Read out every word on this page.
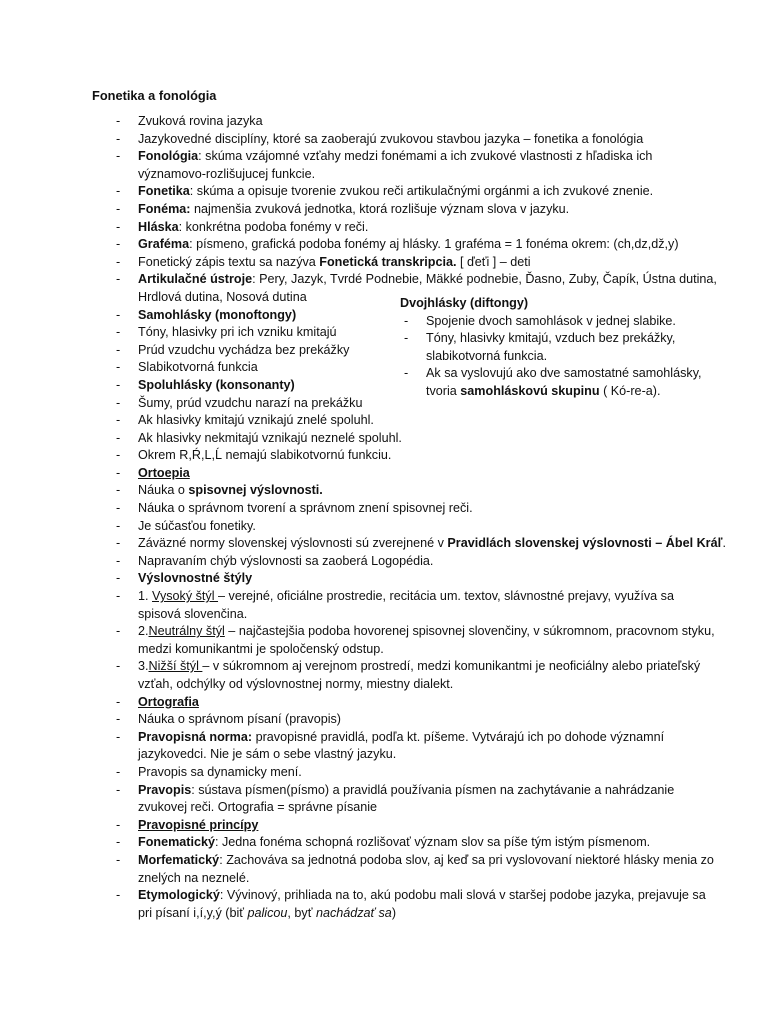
Fonetika a fonológia
- Zvuková rovina jazyka
- Jazykovedné disciplíny, ktoré sa zaoberajú zvukovou stavbou jazyka – fonetika a fonológia
- Fonológia: skúma vzájomné vzťahy medzi fonémami a ich zvukové vlastnosti z hľadiska ich významovo-rozlišujucej funkcie.
- Fonetika: skúma a opisuje tvorenie zvukou reči artikulačnými orgánmi a ich zvukové znenie.
- Fonéma: najmenšia zvuková jednotka, ktorá rozlišuje význam slova v jazyku.
- Hláska: konkrétna podoba fonémy v reči.
- Graféma: písmeno, grafická podoba fonémy aj hlásky. 1 graféma = 1 fonéma okrem: (ch,dz,dž,y)
- Fonetický zápis textu sa nazýva Fonetická transkripcia. [ ďeťi ] – deti
- Artikulačné ústroje: Pery, Jazyk, Tvrdé Podnebie, Mäkké podnebie, Ďasno, Zuby, Čapík, Ústna dutina, Hrdlová dutina, Nosová dutina
- Samohlásky (monoftongy)
- Tóny, hlasivky pri ich vzniku kmitajú
- Prúd vzudchu vychádza bez prekážky
- Slabikotvorná funkcia
- Spoluhlásky (konsonanty)
- Šumy, prúd vzudchu narazí na prekážku
- Ak hlasivky kmitajú vznikajú znelé spoluhl.
- Ak hlasivky nekmitajú vznikajú neznelé spoluhl.
- Okrem R,Ŕ,L,Ĺ nemajú slabikotvornú funkciu.
- Ortoepia
- Náuka o spisovnej výslovnosti.
- Náuka o správnom tvorení a správnom znení spisovnej reči.
- Je súčasťou fonetiky.
- Záväzné normy slovenskej výslovnosti sú zverejnené v Pravidlách slovenskej výslovnosti – Ábel Kráľ.
- Napravaním chýb výslovnosti sa zaoberá Logopédia.
- Výslovnostné štýly
- 1. Vysoký štýl – verejné, oficiálne prostredie, recitácia um. textov, slávnostné prejavy, využíva sa spisová slovenčina.
- 2.Neutrálny štýl – najčastejšia podoba hovorenej spisovnej slovenčiny, v súkromnom, pracovnom styku, medzi komunikantmi je spoločenský odstup.
- 3.Nižší štýl – v súkromnom aj verejnom prostredí, medzi komunikantmi je neoficiálny alebo priateľský vzťah, odchýlky od výslovnostnej normy, miestny dialekt.
- Ortografia
- Náuka o správnom písaní (pravopis)
- Pravopisná norma: pravopisné pravidlá, podľa kt. píšeme. Vytvárajú ich po dohode významní jazykovedci. Nie je sám o sebe vlastný jazyku.
- Pravopis sa dynamicky mení.
- Pravopis: sústava písmen(písmo) a pravidlá používania písmen na zachytávanie a nahrádzanie zvukovej reči. Ortografia = správne písanie
- Pravopisné princípy
- Fonematický: Jedna fonéma schopná rozlišovať význam slov sa píše tým istým písmenom.
- Morfematický: Zachováva sa jednotná podoba slov, aj keď sa pri vyslovovaní niektoré hlásky menia zo znelých na neznelé.
- Etymologický: Vývinový, prihliada na to, akú podobu mali slová v staršej podobe jazyka, prejavuje sa pri písaní i,í,y,ý (biť palicou, byť nachádzať sa)
Dvojhlásky (diftongy)
- Spojenie dvoch samohlások v jednej slabike.
- Tóny, hlasivky kmitajú, vzduch bez prekážky, slabikotvorná funkcia.
- Ak sa vyslovujú ako dve samostatné samohlásky, tvoria samohláskovú skupinu ( Kó-re-a).
